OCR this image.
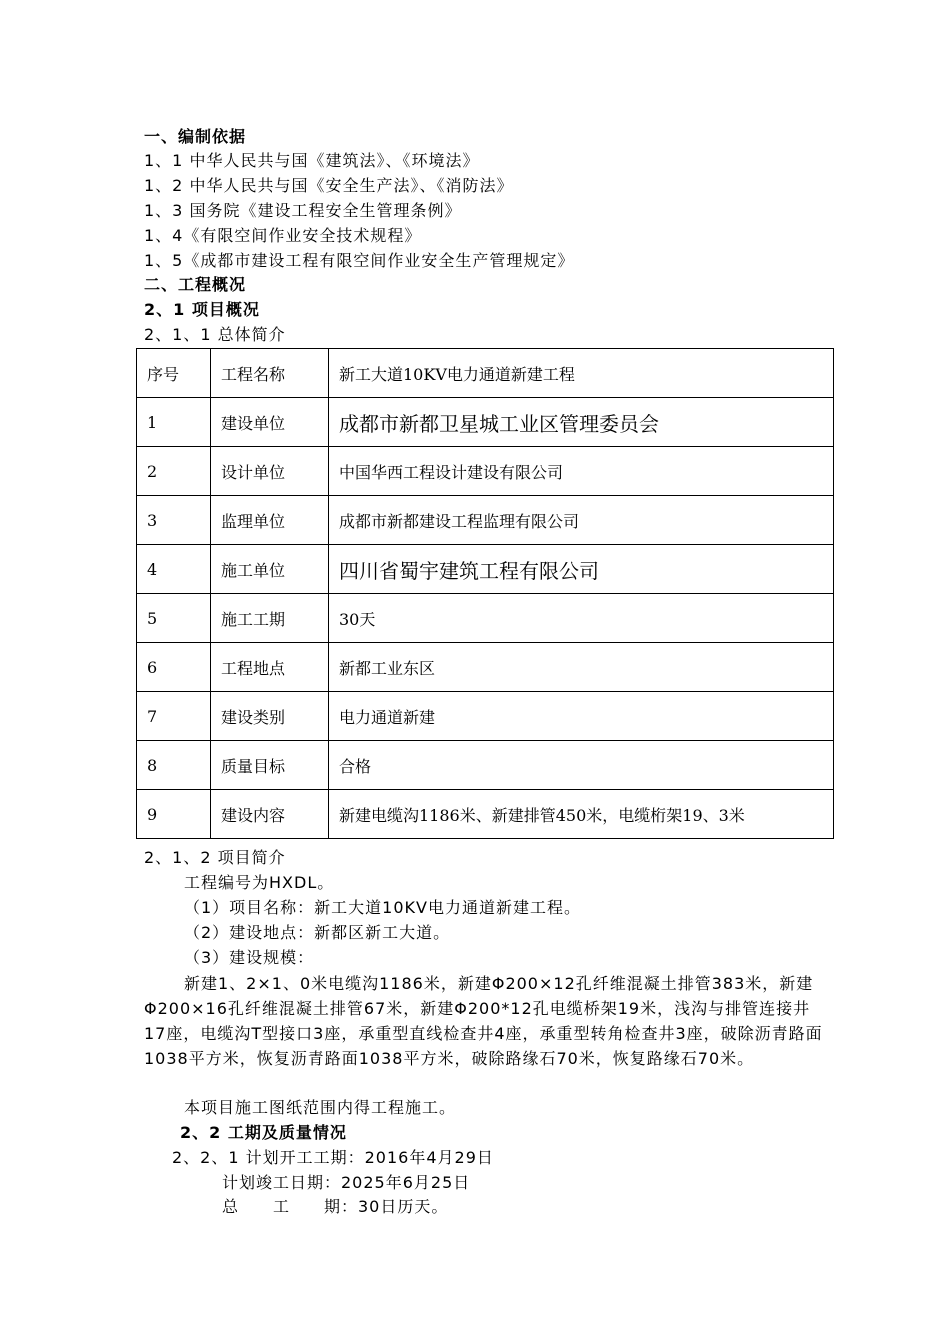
一、编制依据
1、1 中华人民共与国《建筑法》、《环境法》
1、2 中华人民共与国《安全生产法》、《消防法》
1、3 国务院《建设工程安全生管理条例》
1、4《有限空间作业安全技术规程》
1、5《成都市建设工程有限空间作业安全生产管理规定》
二、工程概况
2、1 项目概况
2、1、1 总体简介
序号	工程名称	新工大道10KV电力通道新建工程
1	建设单位	成都市新都卫星城工业区管理委员会
2	设计单位	中国华西工程设计建设有限公司
3	监理单位	成都市新都建设工程监理有限公司
4	施工单位	四川省蜀宇建筑工程有限公司
5	施工工期	30天
6	工程地点	新都工业东区
7	建设类别	电力通道新建
8	质量目标	合格
9	建设内容	新建电缆沟1186米、新建排管450米，电缆桁架19、3米
2、1、2 项目简介
工程编号为HXDL。
（1）项目名称：新工大道10KV电力通道新建工程。
（2）建设地点：新都区新工大道。
（3）建设规模：
新建1、2×1、0米电缆沟1186米，新建Φ200×12孔纤维混凝土排管383米，新建Φ200×16孔纤维混凝土排管67米，新建Φ200*12孔电缆桥架19米，浅沟与排管连接井17座，电缆沟T型接口3座，承重型直线检查井4座，承重型转角检查井3座，破除沥青路面1038平方米，恢复沥青路面1038平方米，破除路缘石70米，恢复路缘石70米。
本项目施工图纸范围内得工程施工。
2、2 工期及质量情况
2、2、1 计划开工工期：2016年4月29日
计划竣工日期：2025年6月25日
总　　工　　期：30日历天。
